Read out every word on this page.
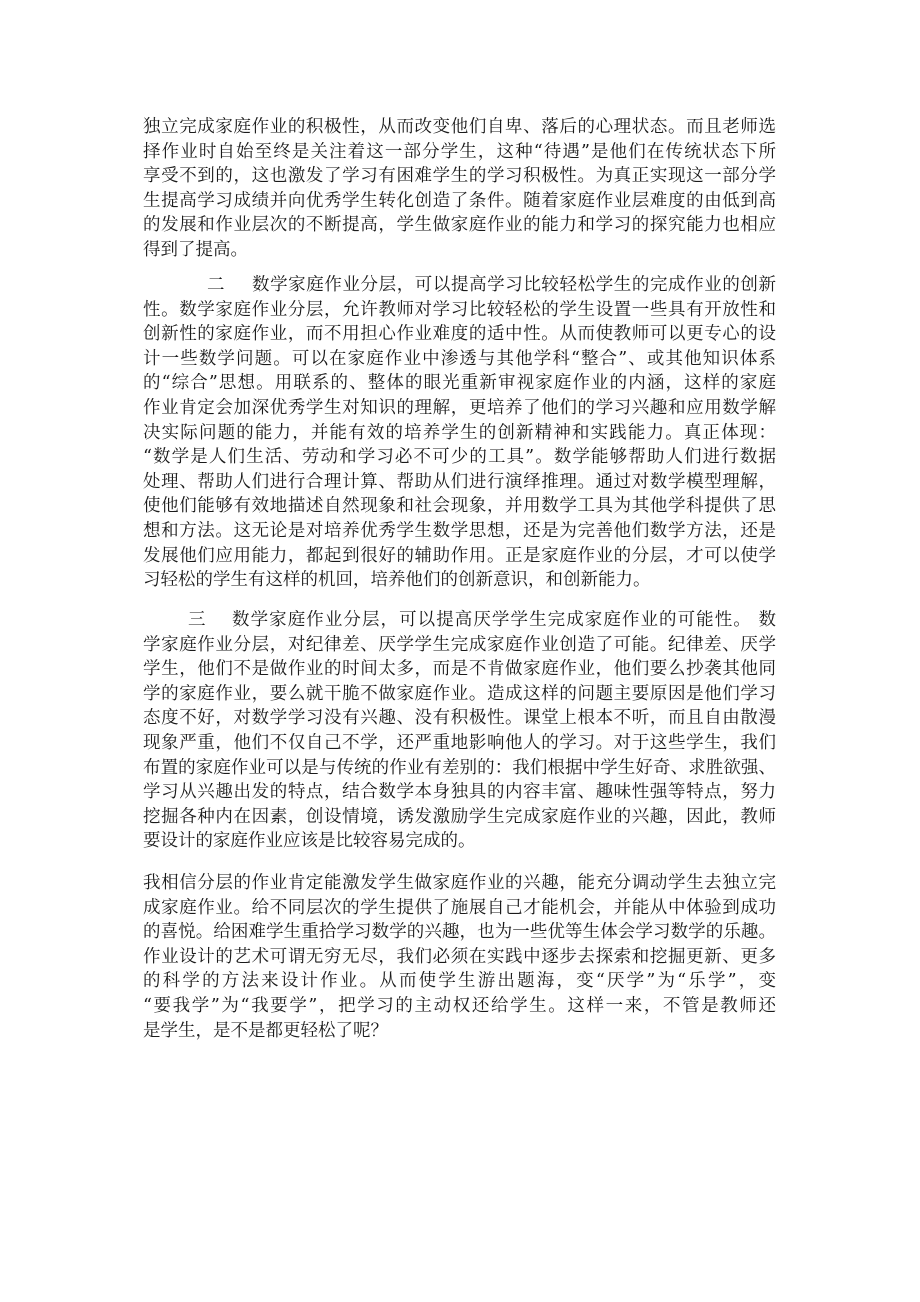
独立完成家庭作业的积极性，从而改变他们自卑、落后的心理状态。而且老师选
择作业时自始至终是关注着这一部分学生，这种“待遇”是他们在传统状态下所
享受不到的，这也激发了学习有困难学生的学习积极性。为真正实现这一部分学
生提高学习成绩并向优秀学生转化创造了条件。随着家庭作业层难度的由低到高
的发展和作业层次的不断提高，学生做家庭作业的能力和学习的探究能力也相应
得到了提高。
二	数学家庭作业分层，可以提高学习比较轻松学生的完成作业的创新
性。数学家庭作业分层，允许教师对学习比较轻松的学生设置一些具有开放性和
创新性的家庭作业，而不用担心作业难度的适中性。从而使教师可以更专心的设
计一些数学问题。可以在家庭作业中渗透与其他学科“整合”、或其他知识体系
的“综合”思想。用联系的、整体的眼光重新审视家庭作业的内涵，这样的家庭
作业肯定会加深优秀学生对知识的理解，更培养了他们的学习兴趣和应用数学解
决实际问题的能力，并能有效的培养学生的创新精神和实践能力。真正体现：
“数学是人们生活、劳动和学习必不可少的工具”。数学能够帮助人们进行数据
处理、帮助人们进行合理计算、帮助从们进行演绎推理。通过对数学模型理解，
使他们能够有效地描述自然现象和社会现象，并用数学工具为其他学科提供了思
想和方法。这无论是对培养优秀学生数学思想，还是为完善他们数学方法，还是
发展他们应用能力，都起到很好的辅助作用。正是家庭作业的分层，才可以使学
习轻松的学生有这样的机回，培养他们的创新意识，和创新能力。
三	数学家庭作业分层，可以提高厌学学生完成家庭作业的可能性。 数
学家庭作业分层，对纪律差、厌学学生完成家庭作业创造了可能。纪律差、厌学
学生，他们不是做作业的时间太多，而是不肯做家庭作业，他们要么抄袭其他同
学的家庭作业，要么就干脆不做家庭作业。造成这样的问题主要原因是他们学习
态度不好，对数学学习没有兴趣、没有积极性。课堂上根本不听，而且自由散漫
现象严重，他们不仅自己不学，还严重地影响他人的学习。对于这些学生，我们
布置的家庭作业可以是与传统的作业有差别的：我们根据中学生好奇、求胜欲强、
学习从兴趣出发的特点，结合数学本身独具的内容丰富、趣味性强等特点，努力
挖掘各种内在因素，创设情境，诱发激励学生完成家庭作业的兴趣，因此，教师
要设计的家庭作业应该是比较容易完成的。
我相信分层的作业肯定能激发学生做家庭作业的兴趣，能充分调动学生去独立完
成家庭作业。给不同层次的学生提供了施展自己才能机会，并能从中体验到成功
的喜悦。给困难学生重拾学习数学的兴趣，也为一些优等生体会学习数学的乐趣。
作业设计的艺术可谓无穷无尽，我们必须在实践中逐步去探索和挖掘更新、更多
的科学的方法来设计作业。从而使学生游出题海，变“厌学”为“乐学”，变
“要我学”为“我要学”，把学习的主动权还给学生。这样一来，不管是教师还
是学生，是不是都更轻松了呢？
